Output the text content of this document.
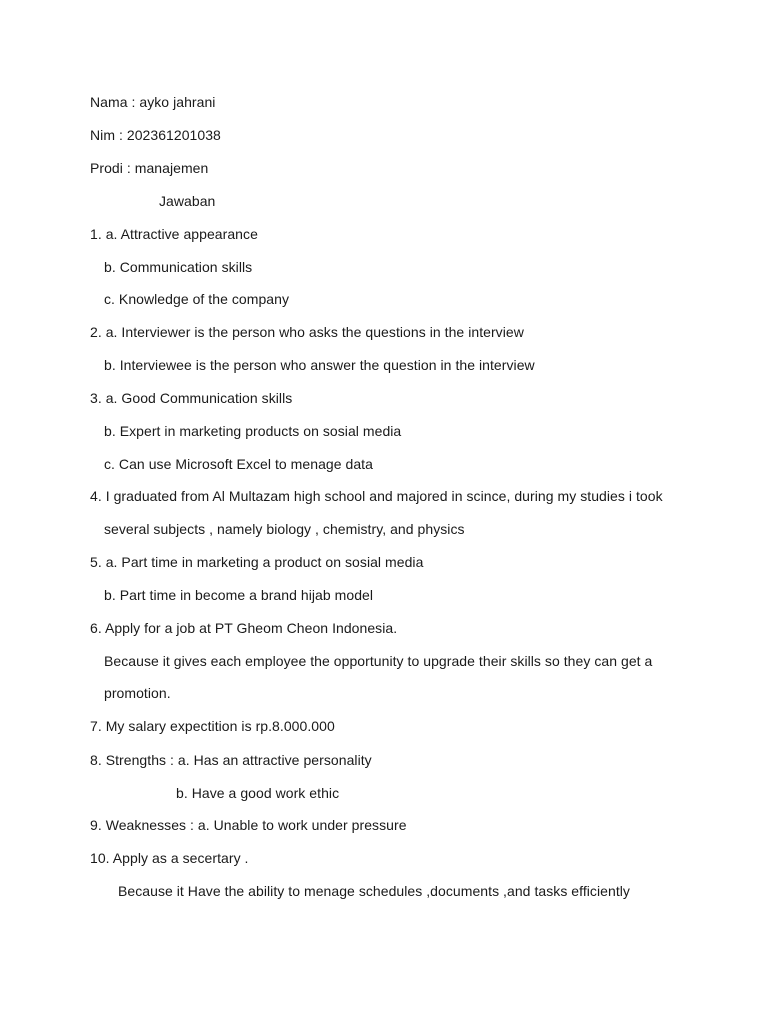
Nama : ayko jahrani
Nim : 202361201038
Prodi : manajemen
Jawaban
1. a. Attractive appearance
b. Communication skills
c. Knowledge of the company
2. a. Interviewer is the person who asks the questions in the interview
b. Interviewee is the person who answer the question in the interview
3. a. Good Communication skills
b. Expert in marketing products on sosial media
c. Can use Microsoft Excel to menage data
4. I graduated from Al Multazam high school and majored in scince, during my studies i took
several subjects , namely biology , chemistry, and physics
5. a. Part time in marketing a product on sosial media
b. Part time in become a brand hijab model
6. Apply for a job at PT Gheom Cheon Indonesia.
Because it gives each employee the opportunity to upgrade their skills so they can get a
promotion.
7. My salary expectition is rp.8.000.000
8. Strengths : a. Has an attractive personality
b. Have a good work ethic
9. Weaknesses : a. Unable to work under pressure
10. Apply as a secertary .
Because it Have the ability to menage schedules ,documents ,and tasks efficiently
